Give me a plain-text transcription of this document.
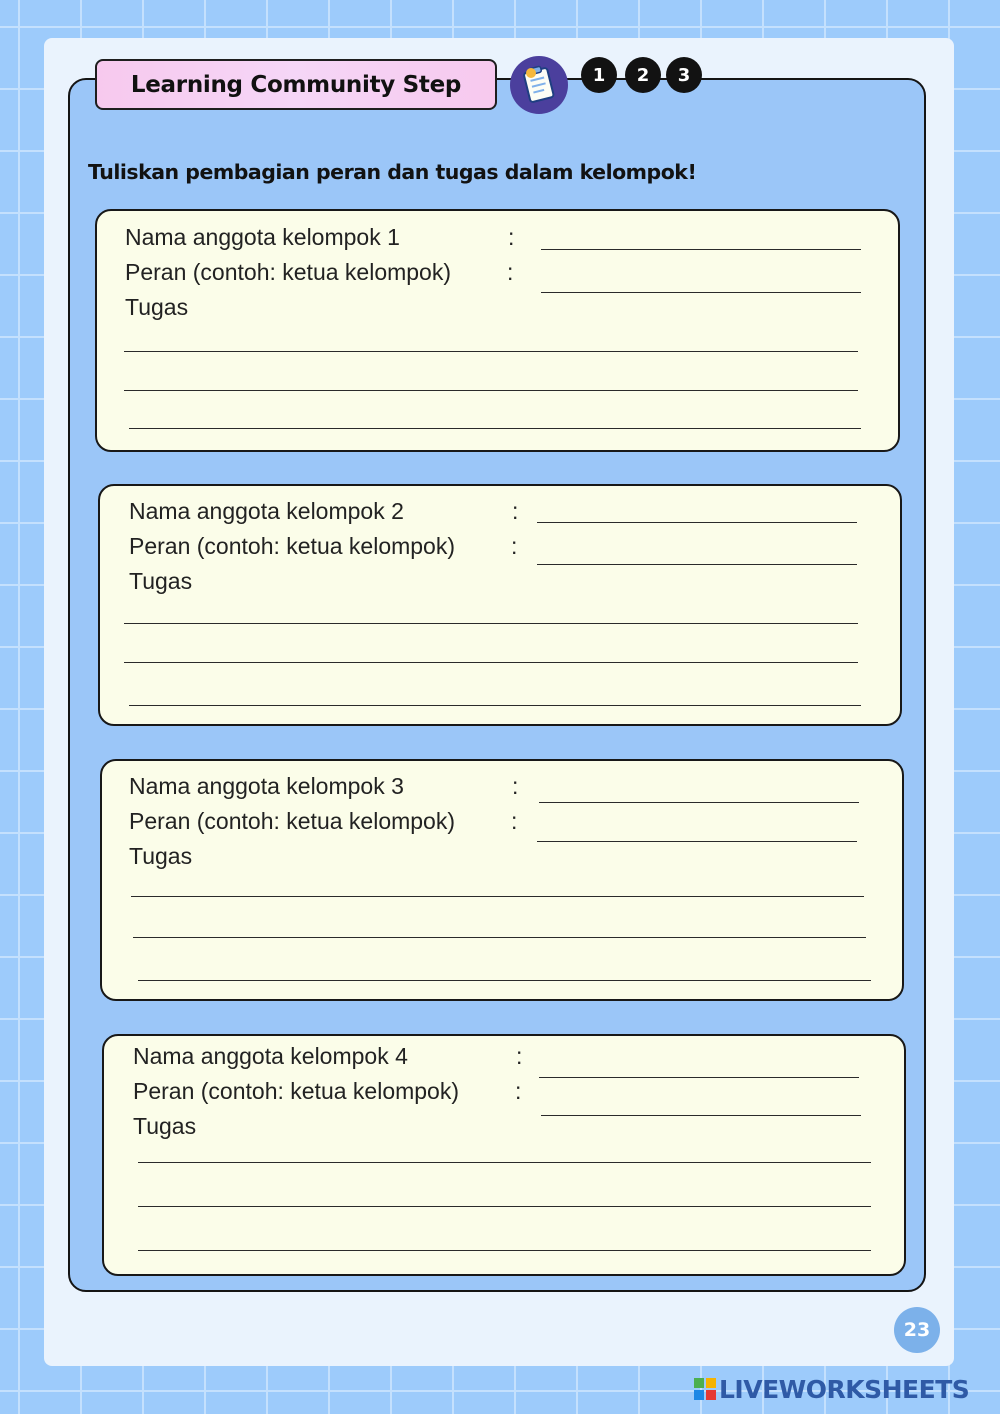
Learning Community Step	1	2	3
Tuliskan pembagian peran dan tugas dalam kelompok!
Nama anggota kelompok 1	:
Peran (contoh: ketua kelompok) :
Tugas
Nama anggota kelompok 2	:
Peran (contoh: ketua kelompok) :
Tugas
Nama anggota kelompok 3	:
Peran (contoh: ketua kelompok) :
Tugas
Nama anggota kelompok 4	:
Peran (contoh: ketua kelompok) :
Tugas
23
LIVEWORKSHEETS
